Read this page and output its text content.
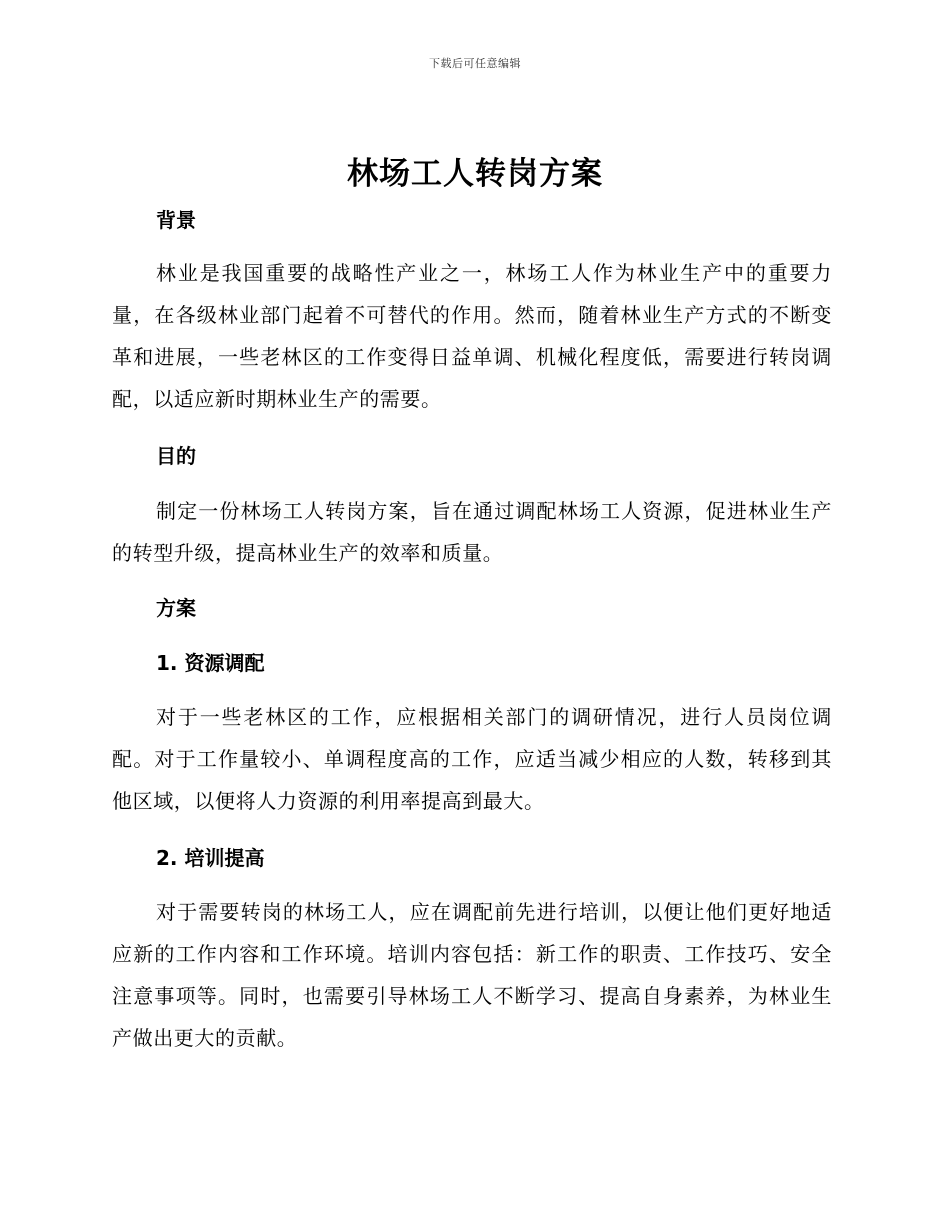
下载后可任意编辑
林场工人转岗方案
背景
林业是我国重要的战略性产业之一，林场工人作为林业生产中的重要力量，在各级林业部门起着不可替代的作用。然而，随着林业生产方式的不断变革和进展，一些老林区的工作变得日益单调、机械化程度低，需要进行转岗调配，以适应新时期林业生产的需要。
目的
制定一份林场工人转岗方案，旨在通过调配林场工人资源，促进林业生产的转型升级，提高林业生产的效率和质量。
方案
1. 资源调配
对于一些老林区的工作，应根据相关部门的调研情况，进行人员岗位调配。对于工作量较小、单调程度高的工作，应适当减少相应的人数，转移到其他区域，以便将人力资源的利用率提高到最大。
2. 培训提高
对于需要转岗的林场工人，应在调配前先进行培训，以便让他们更好地适应新的工作内容和工作环境。培训内容包括：新工作的职责、工作技巧、安全注意事项等。同时，也需要引导林场工人不断学习、提高自身素养，为林业生产做出更大的贡献。
